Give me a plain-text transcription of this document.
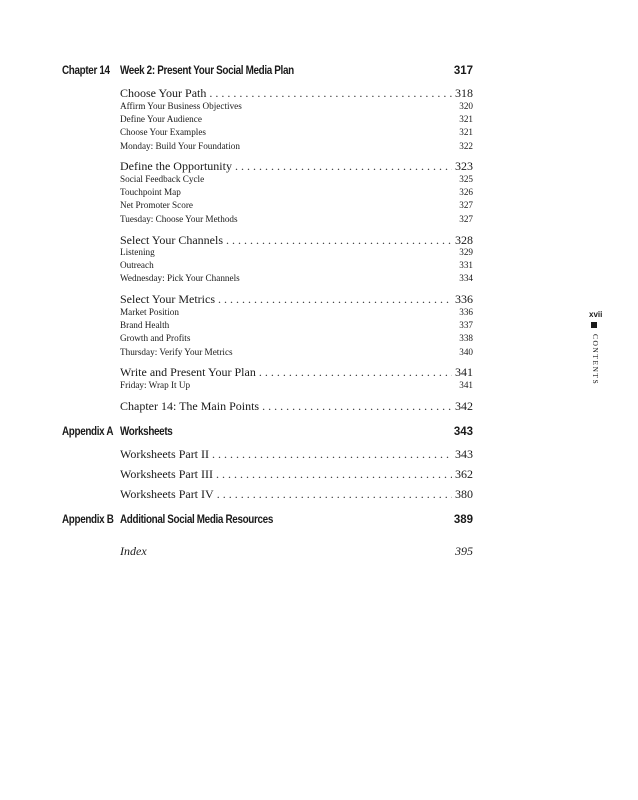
Chapter 14 Week 2: Present Your Social Media Plan	317
Choose Your Path . . .	318
Affirm Your Business Objectives	320
Define Your Audience	321
Choose Your Examples	321
Monday: Build Your Foundation	322
Define the Opportunity . . .	323
Social Feedback Cycle	325
Touchpoint Map	326
Net Promoter Score	327
Tuesday: Choose Your Methods	327
Select Your Channels . . .	328
Listening	329
Outreach	331
Wednesday: Pick Your Channels	334
Select Your Metrics . . .	336
Market Position	336
Brand Health	337
Growth and Profits	338
Thursday: Verify Your Metrics	340
Write and Present Your Plan . . .	341
Friday: Wrap It Up	341
Chapter 14: The Main Points . . .	342
Appendix A Worksheets	343
Worksheets Part II . . .	343
Worksheets Part III . . .	362
Worksheets Part IV . . .	380
Appendix B Additional Social Media Resources	389
Index	395
xvii
CONTENTS
